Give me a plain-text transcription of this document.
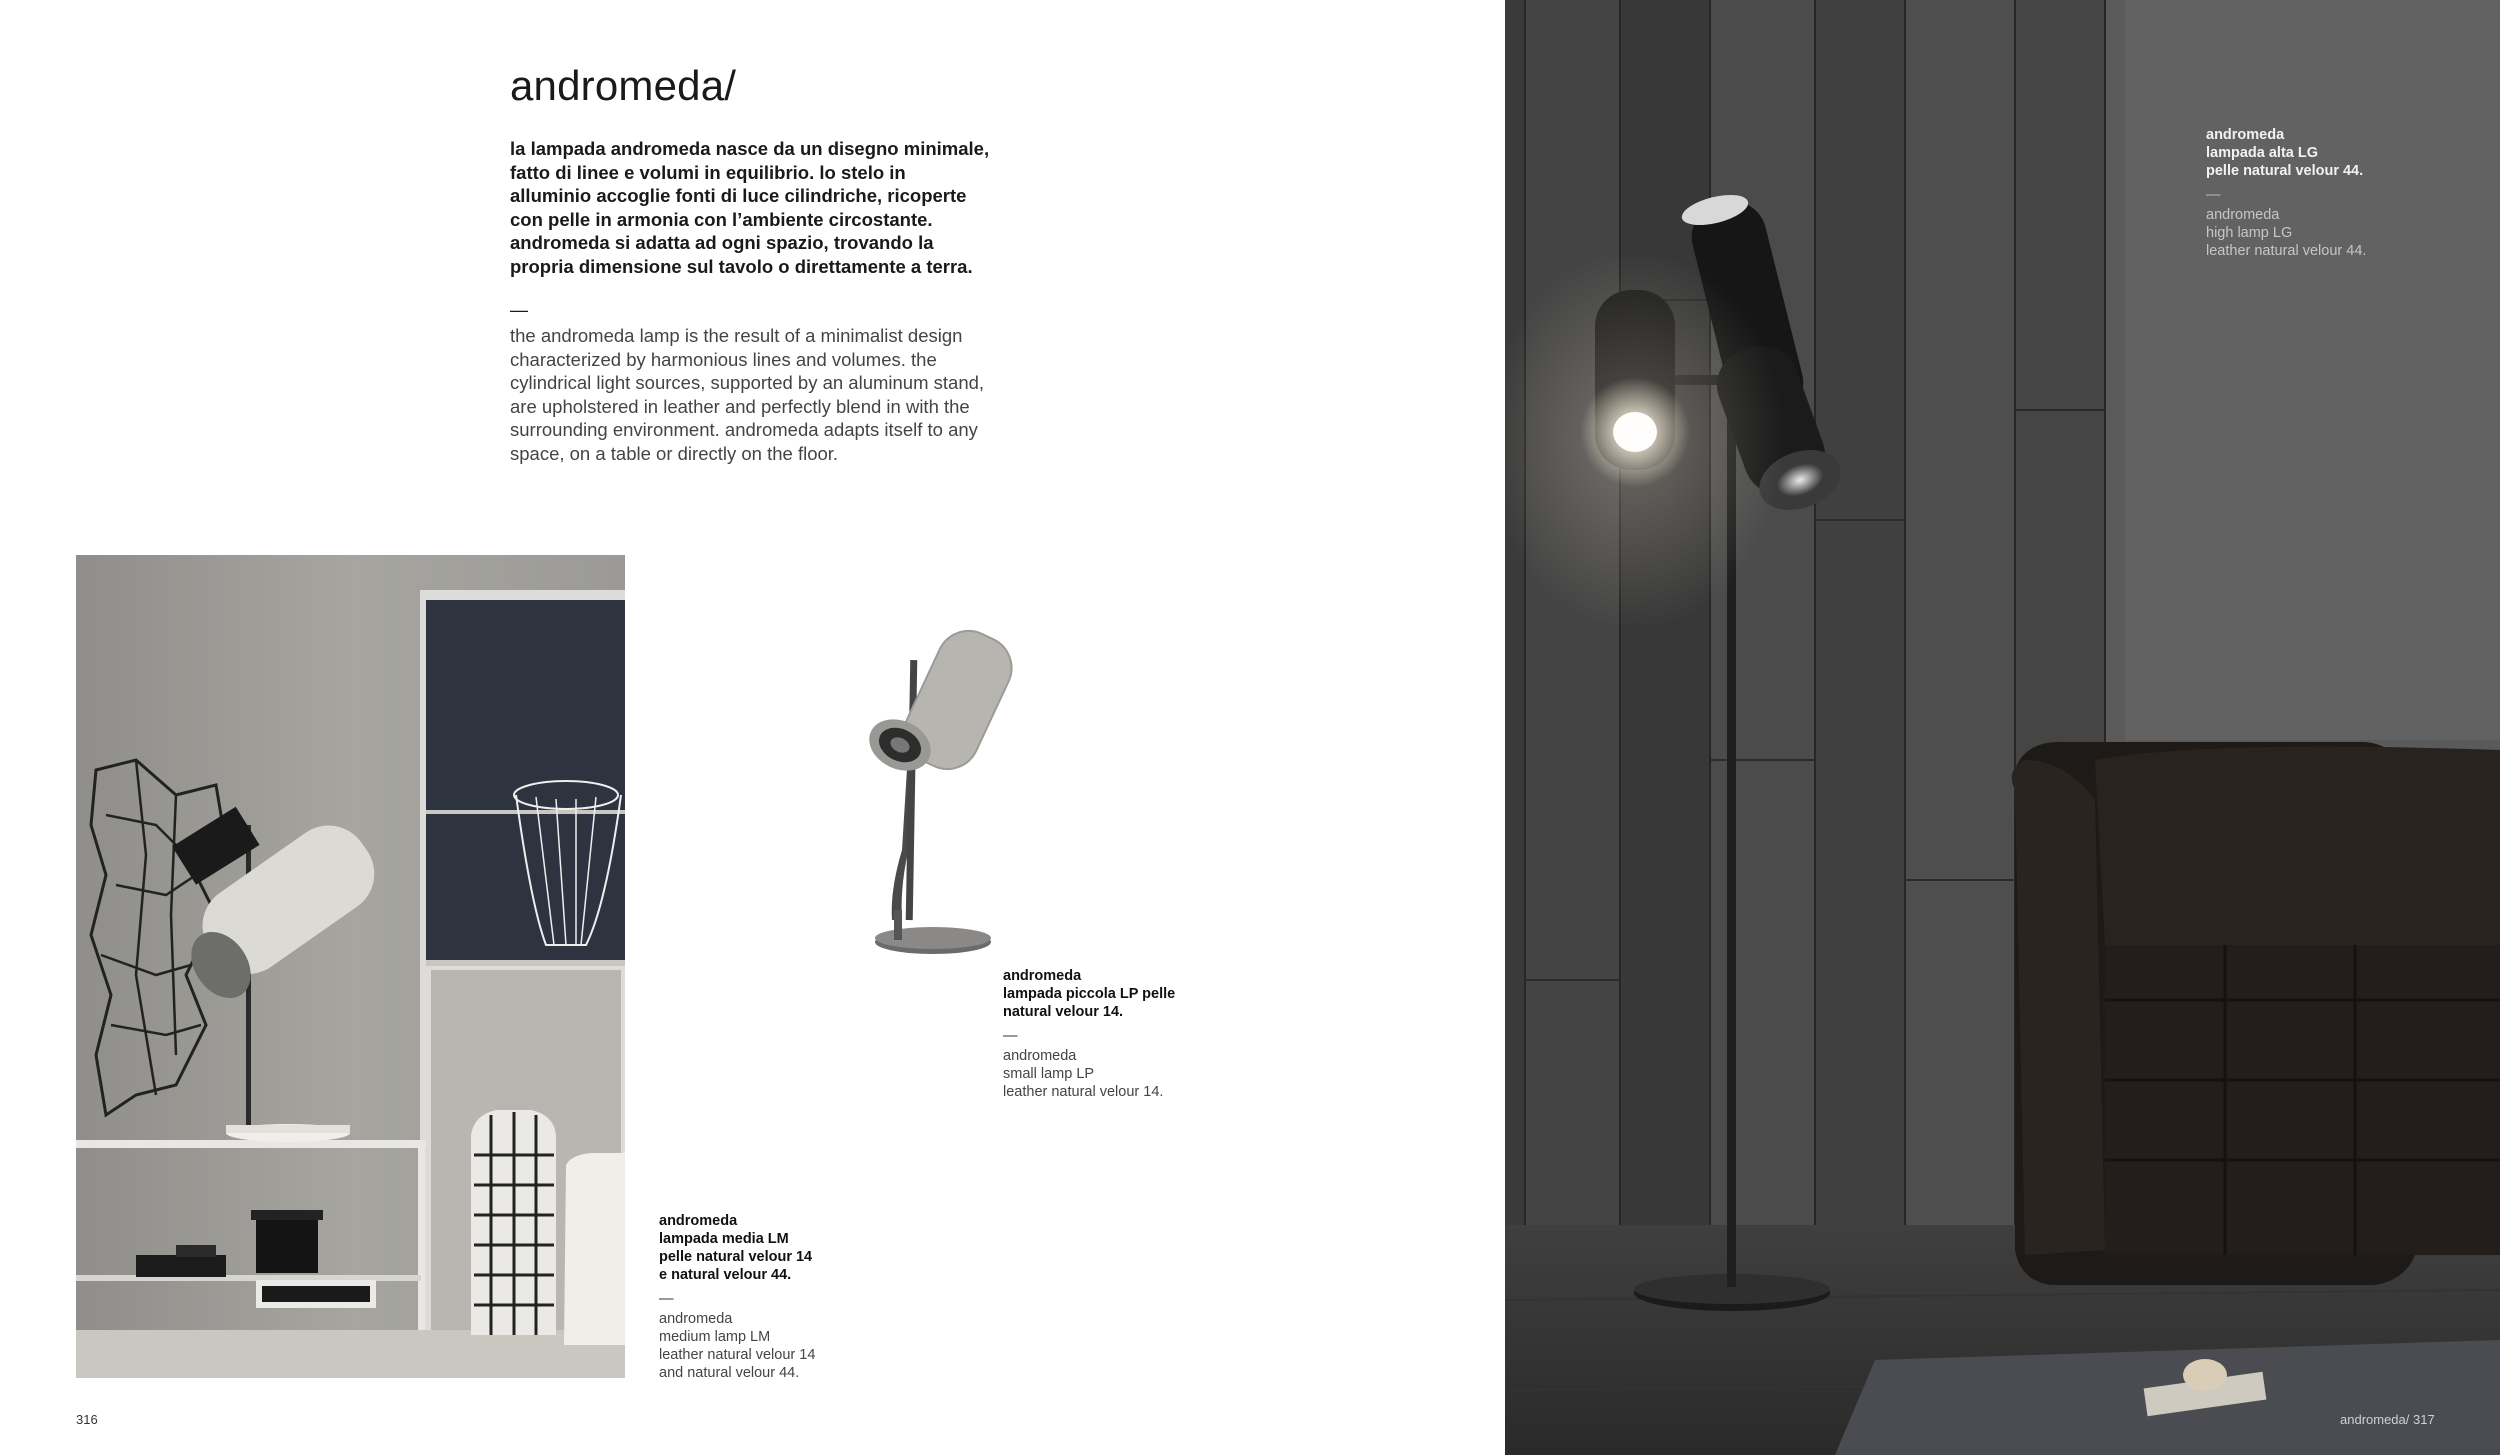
andromeda/

la lampada andromeda nasce da un disegno minimale, fatto di linee e volumi in equilibrio. lo stelo in alluminio accoglie fonti di luce cilindriche, ricoperte con pelle in armonia con l’ambiente circostante. andromeda si adatta ad ogni spazio, trovando la propria dimensione sul tavolo o direttamente a terra.

—

the andromeda lamp is the result of a minimalist design characterized by harmonious lines and volumes. the cylindrical light sources, supported by an aluminum stand, are upholstered in leather and perfectly blend in with the surrounding environment. andromeda adapts itself to any space, on a table or directly on the floor.

andromeda
lampada piccola LP pelle
natural velour 14.
—
andromeda
small lamp LP
leather natural velour 14.
andromeda
lampada media LM
pelle natural velour 14
e natural velour 44.
—
andromeda
medium lamp LM
leather natural velour 14
and natural velour 44.
316
andromeda
lampada alta LG
pelle natural velour 44.
—
andromeda
high lamp LG
leather natural velour 44.
andromeda/ 317
